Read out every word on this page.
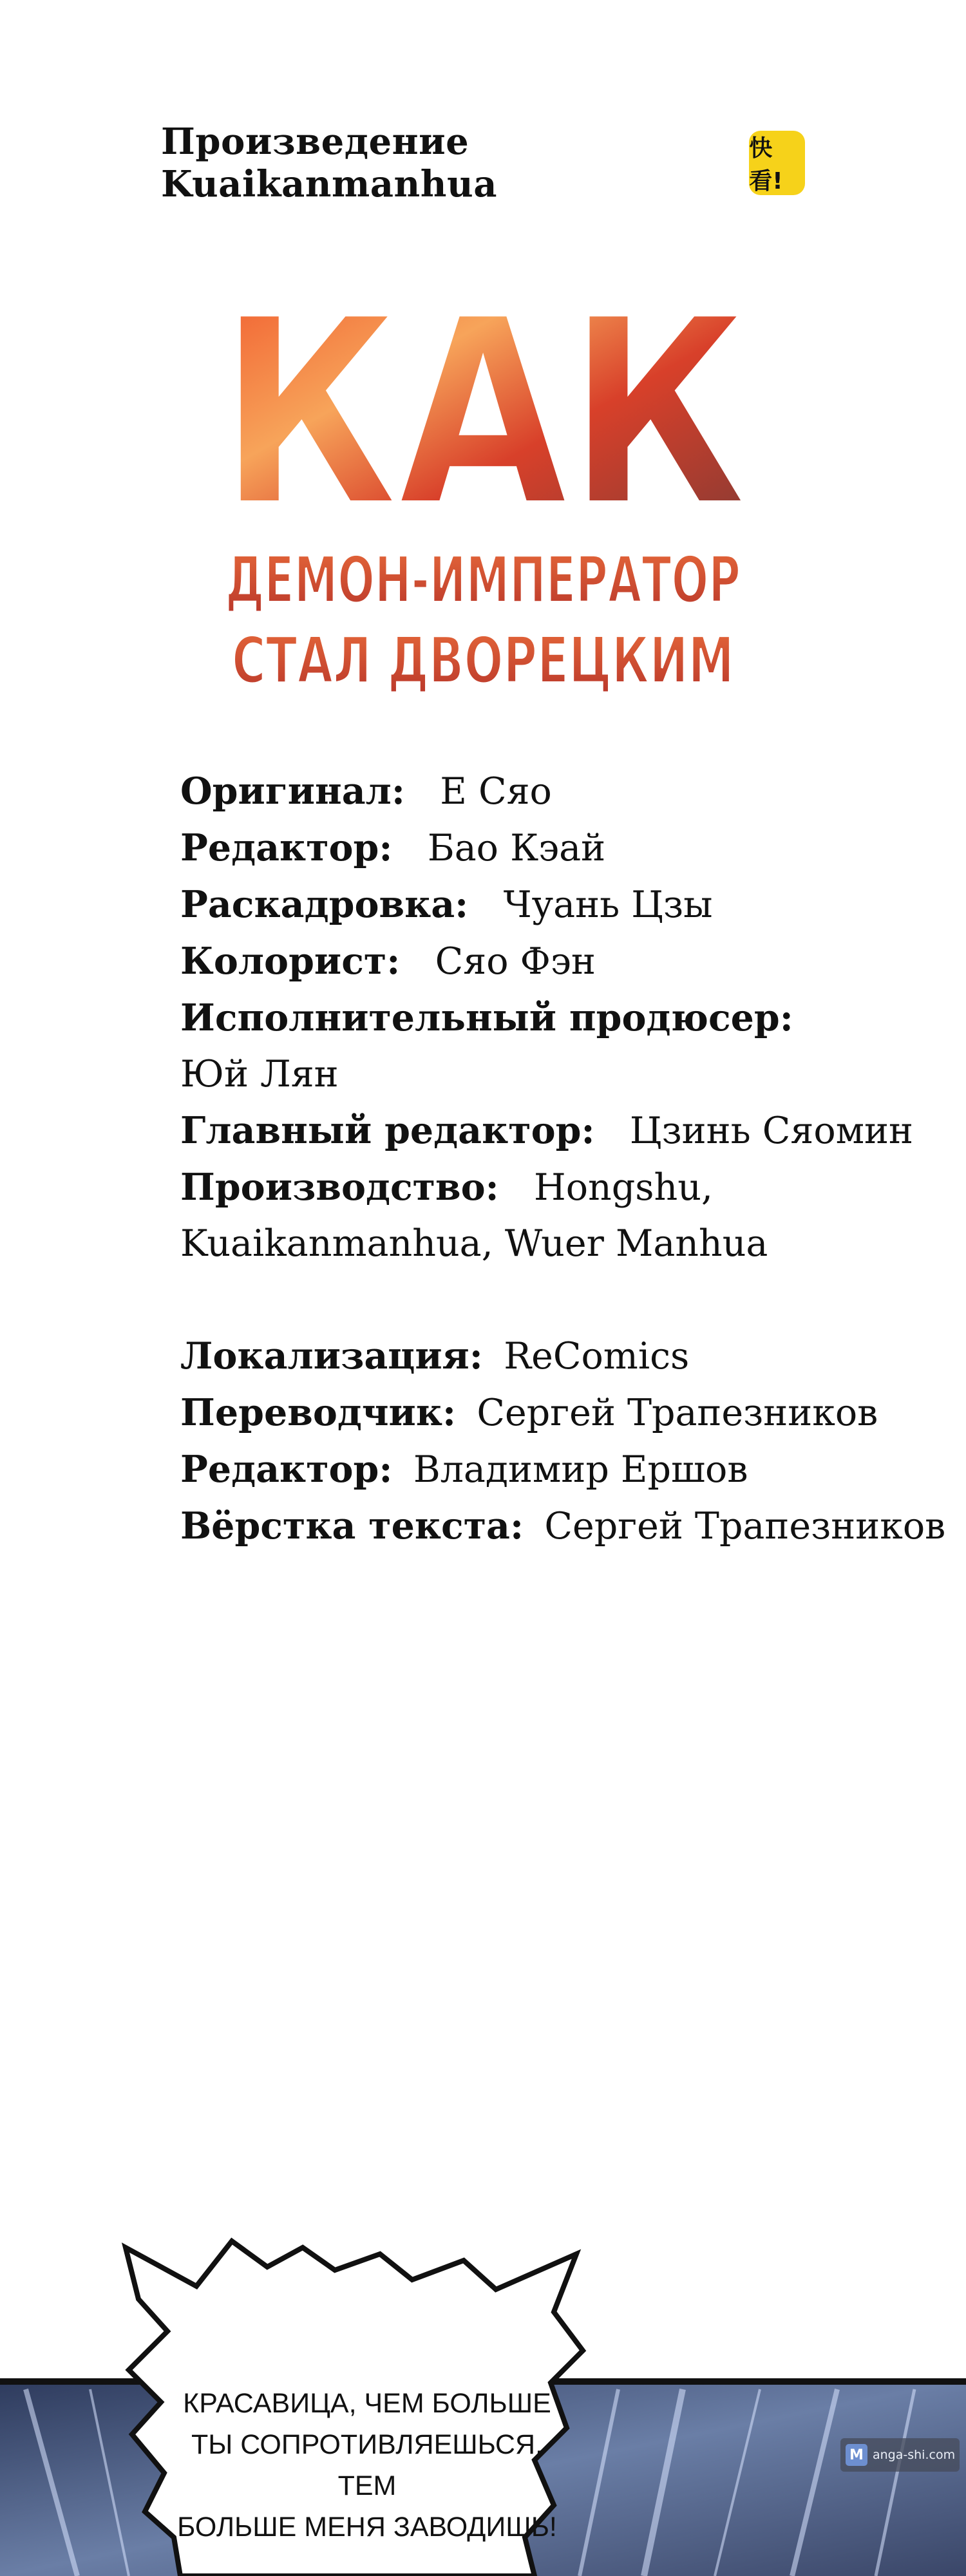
Произведение Kuaikanmanhua
快看!
КАК
ДЕМОН-ИМПЕРАТОР
СТАЛ ДВОРЕЦКИМ
Оригинал: Е Сяо
Редактор: Бао Кэай
Раскадровка: Чуань Цзы
Колорист: Сяо Фэн
Исполнительный продюсер:
Юй Лян
Главный редактор: Цзинь Сяомин
Производство: Hongshu,
Kuaikanmanhua, Wuer Manhua
Локализация: ReComics
Переводчик: Сергей Трапезников
Редактор: Владимир Ершов
Вёрстка текста: Сергей Трапезников
КРАСАВИЦА, ЧЕМ БОЛЬШЕ
ТЫ СОПРОТИВЛЯЕШЬСЯ, ТЕМ
БОЛЬШЕ МЕНЯ ЗАВОДИШЬ!
M anga-shi.com
